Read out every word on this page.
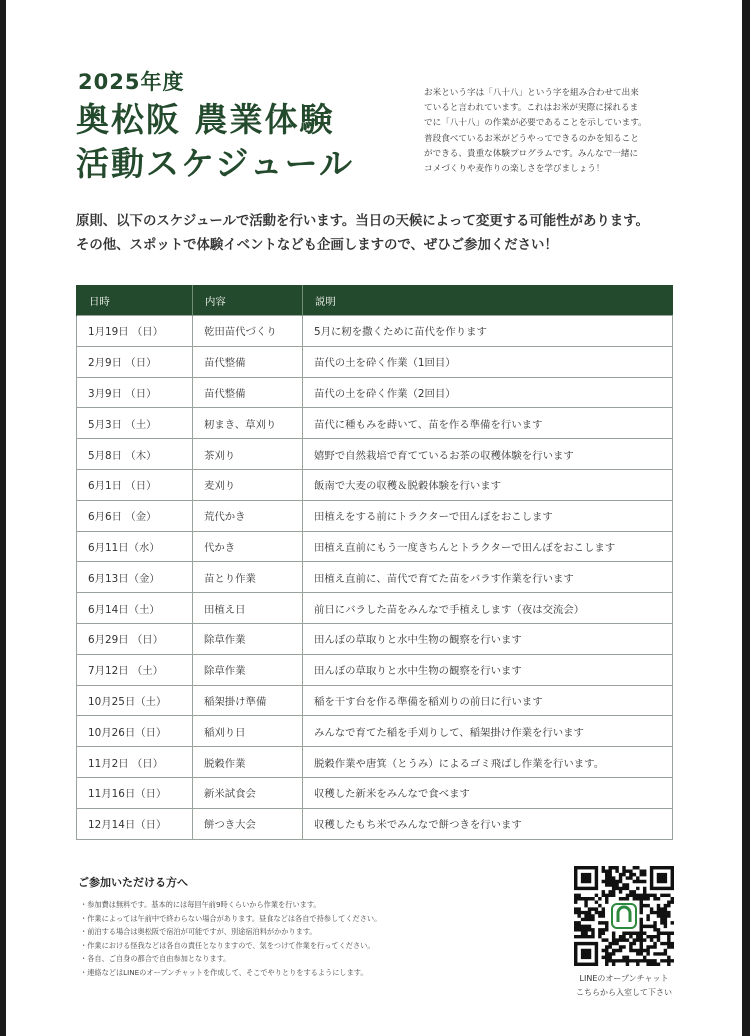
2025年度
奥松阪 農業体験
活動スケジュール
お米という字は「八十八」という字を組み合わせて出来
ていると言われています。これはお米が実際に採れるま
でに「八十八」の作業が必要であることを示しています。
普段食べているお米がどうやってできるのかを知ること
ができる、貴重な体験プログラムです。みんなで一緒に
コメづくりや麦作りの楽しさを学びましょう！
原則、以下のスケジュールで活動を行います。当日の天候によって変更する可能性があります。
その他、スポットで体験イベントなども企画しますので、ぜひご参加ください！
日時	内容	説明
1月19日 （日）	乾田苗代づくり	5月に籾を撒くために苗代を作ります
2月9日 （日）	苗代整備	苗代の土を砕く作業（1回目）
3月9日 （日）	苗代整備	苗代の土を砕く作業（2回目）
5月3日 （土）	籾まき、草刈り	苗代に種もみを蒔いて、苗を作る準備を行います
5月8日 （木）	茶刈り	嬉野で自然栽培で育てているお茶の収穫体験を行います
6月1日 （日）	麦刈り	飯南で大麦の収穫＆脱穀体験を行います
6月6日 （金）	荒代かき	田植えをする前にトラクターで田んぼをおこします
6月11日（水）	代かき	田植え直前にもう一度きちんとトラクターで田んぼをおこします
6月13日（金）	苗とり作業	田植え直前に、苗代で育てた苗をバラす作業を行います
6月14日（土）	田植え日	前日にバラした苗をみんなで手植えします（夜は交流会）
6月29日 （日）	除草作業	田んぼの草取りと水中生物の観察を行います
7月12日 （土）	除草作業	田んぼの草取りと水中生物の観察を行います
10月25日（土）	稲架掛け準備	稲を干す台を作る準備を稲刈りの前日に行います
10月26日（日）	稲刈り日	みんなで育てた稲を手刈りして、稲架掛け作業を行います
11月2日 （日）	脱穀作業	脱穀作業や唐箕（とうみ）によるゴミ飛ばし作業を行います。
11月16日（日）	新米試食会	収穫した新米をみんなで食べます
12月14日（日）	餅つき大会	収穫したもち米でみんなで餅つきを行います
ご参加いただける方へ
・参加費は無料です。基本的には毎回午前9時くらいから作業を行います。
・作業によっては午前中で終わらない場合があります。昼食などは各自で持参してください。
・前泊する場合は奥松阪で宿泊が可能ですが、別途宿泊料がかかります。
・作業における怪我などは各自の責任となりますので、気をつけて作業を行ってください。
・各自、ご自身の都合で自由参加となります。
・連絡などはLINEのオープンチャットを作成して、そこでやりとりをするようにします。
LINEのオープンチャット
こちらから入室して下さい
